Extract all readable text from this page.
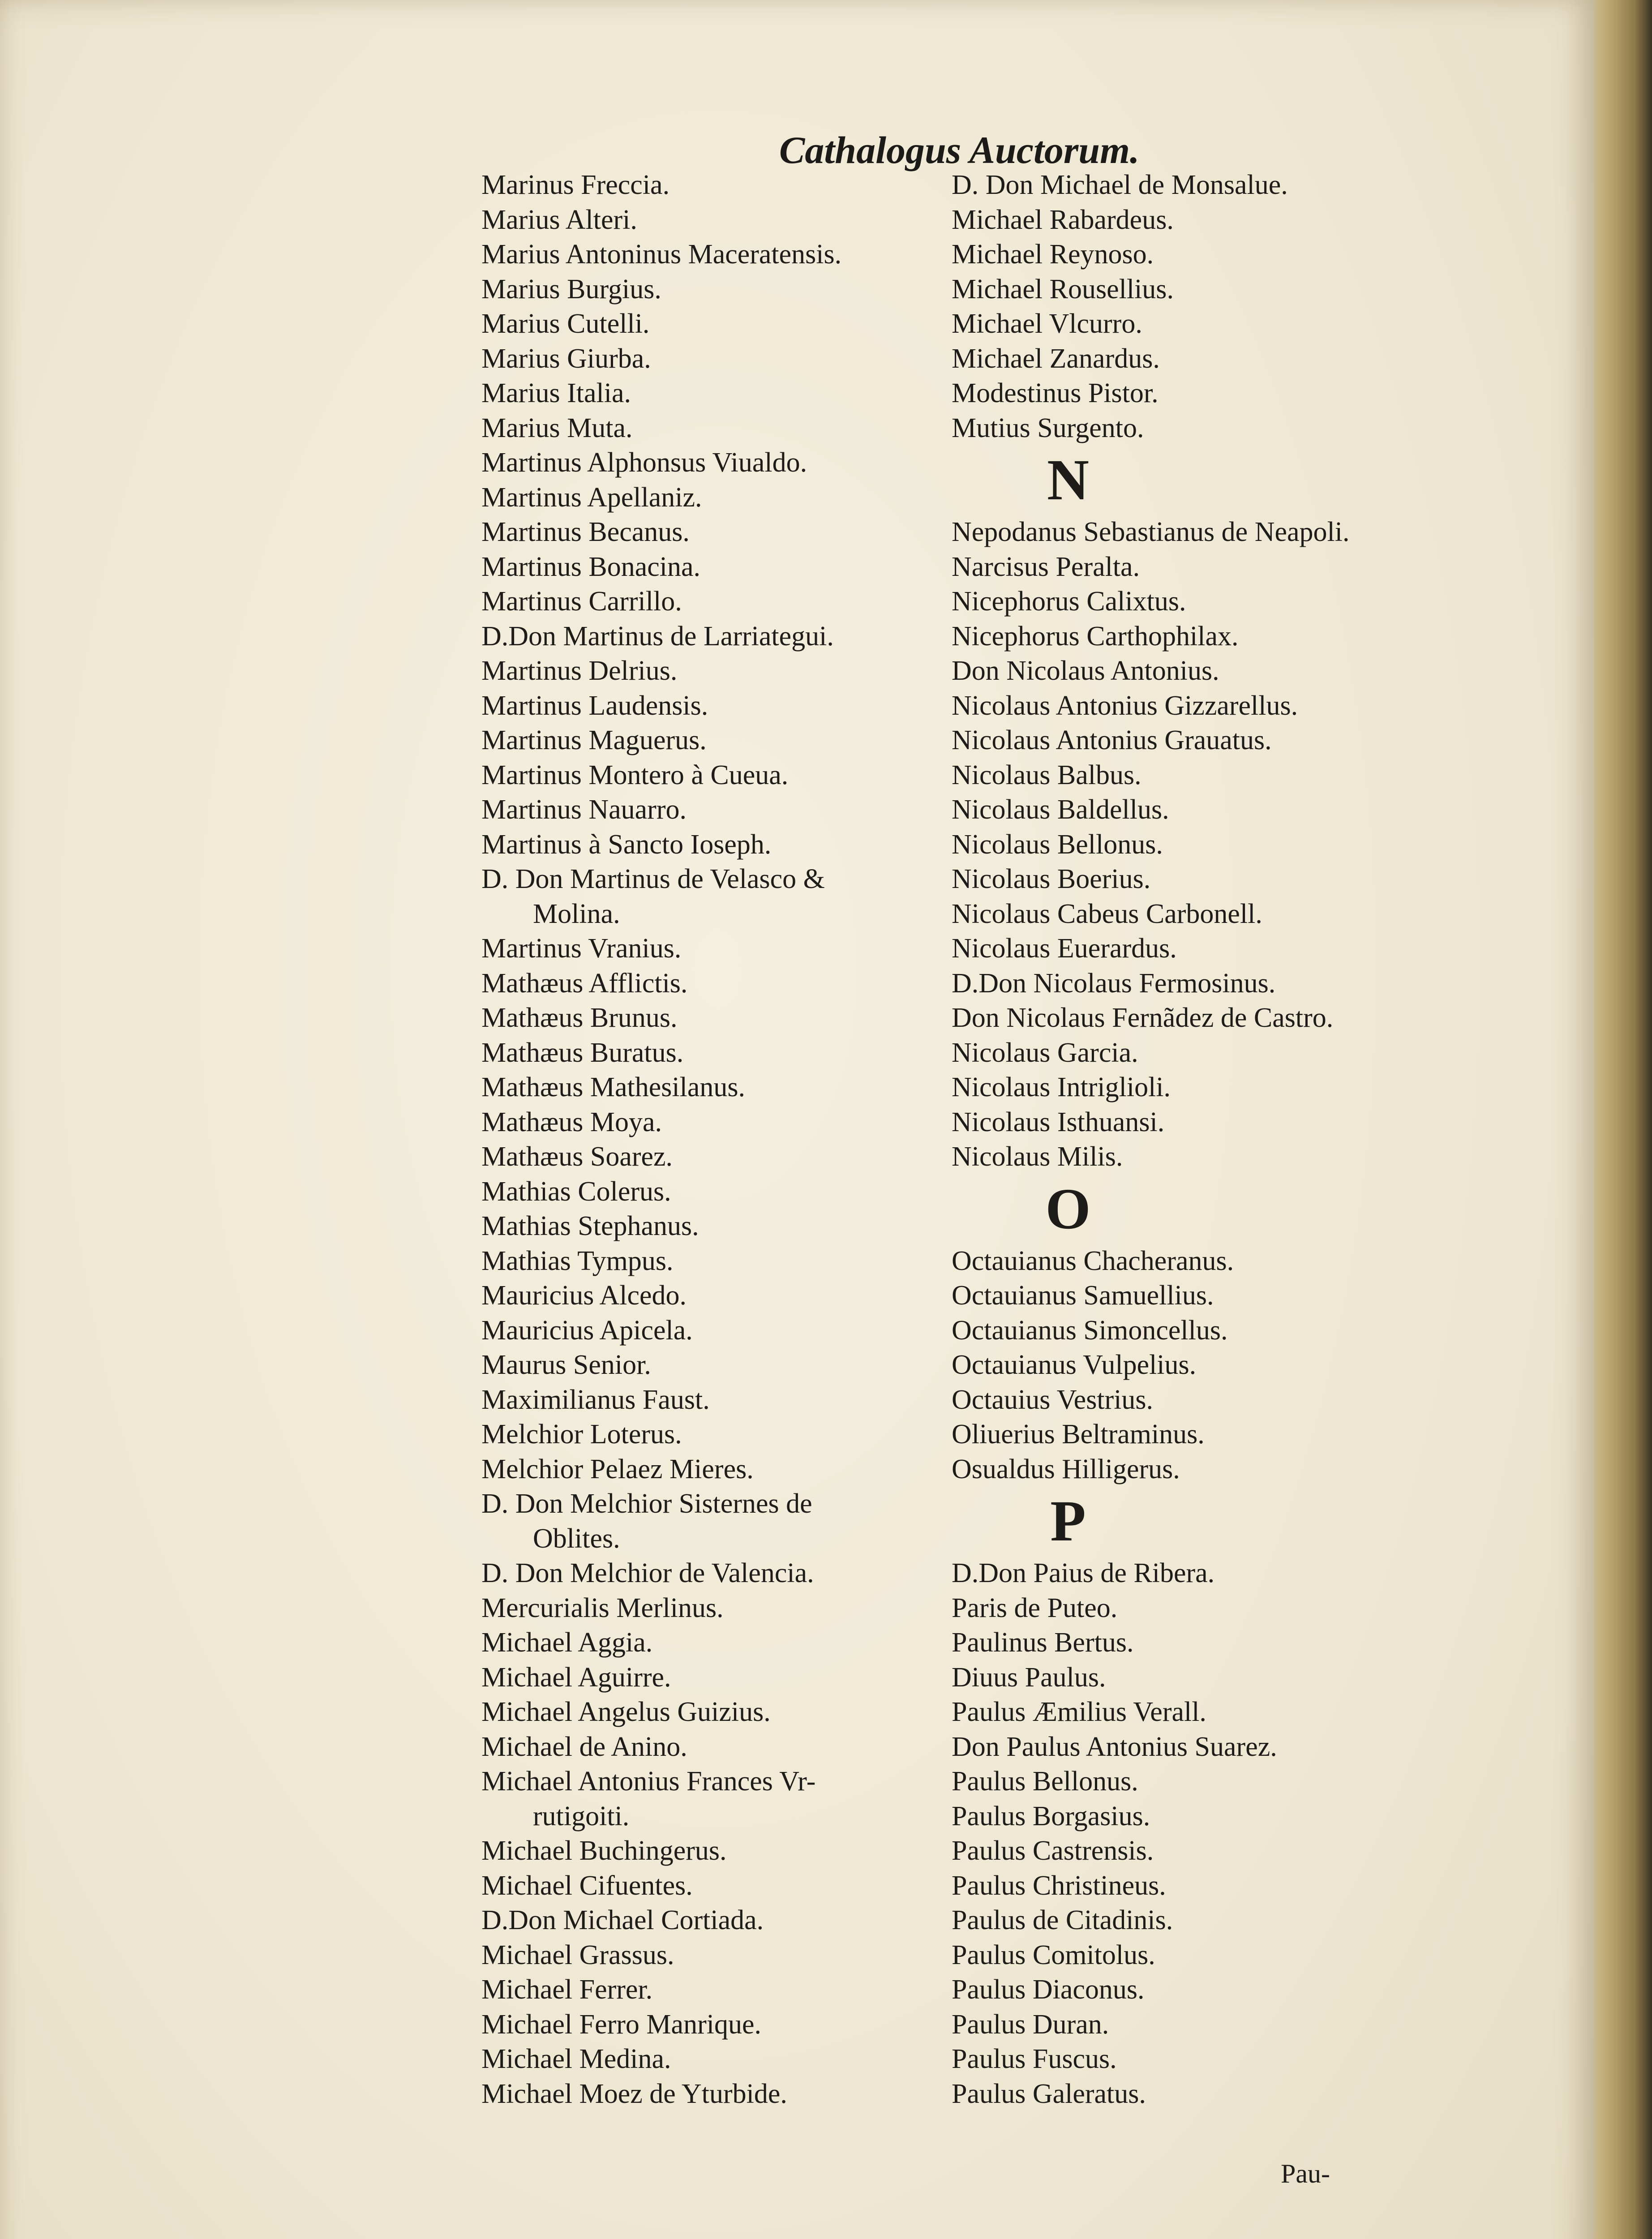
Cathalogus Auctorum.
Marinus Freccia.
Marius Alteri.
Marius Antoninus Maceratensis.
Marius Burgius.
Marius Cutelli.
Marius Giurba.
Marius Italia.
Marius Muta.
Martinus Alphonsus Viualdo.
Martinus Apellaniz.
Martinus Becanus.
Martinus Bonacina.
Martinus Carrillo.
D.Don Martinus de Larriategui.
Martinus Delrius.
Martinus Laudensis.
Martinus Maguerus.
Martinus Montero à Cueua.
Martinus Nauarro.
Martinus à Sancto Ioseph.
D. Don Martinus de Velasco &
Molina.
Martinus Vranius.
Mathæus Afflictis.
Mathæus Brunus.
Mathæus Buratus.
Mathæus Mathesilanus.
Mathæus Moya.
Mathæus Soarez.
Mathias Colerus.
Mathias Stephanus.
Mathias Tympus.
Mauricius Alcedo.
Mauricius Apicela.
Maurus Senior.
Maximilianus Faust.
Melchior Loterus.
Melchior Pelaez Mieres.
D. Don Melchior Sisternes de
Oblites.
D. Don Melchior de Valencia.
Mercurialis Merlinus.
Michael Aggia.
Michael Aguirre.
Michael Angelus Guizius.
Michael de Anino.
Michael Antonius Frances Vr-
rutigoiti.
Michael Buchingerus.
Michael Cifuentes.
D.Don Michael Cortiada.
Michael Grassus.
Michael Ferrer.
Michael Ferro Manrique.
Michael Medina.
Michael Moez de Yturbide.
D. Don Michael de Monsalue.
Michael Rabardeus.
Michael Reynoso.
Michael Rousellius.
Michael Vlcurro.
Michael Zanardus.
Modestinus Pistor.
Mutius Surgento.
N
Nepodanus Sebastianus de Neapoli.
Narcisus Peralta.
Nicephorus Calixtus.
Nicephorus Carthophilax.
Don Nicolaus Antonius.
Nicolaus Antonius Gizzarellus.
Nicolaus Antonius Grauatus.
Nicolaus Balbus.
Nicolaus Baldellus.
Nicolaus Bellonus.
Nicolaus Boerius.
Nicolaus Cabeus Carbonell.
Nicolaus Euerardus.
D.Don Nicolaus Fermosinus.
Don Nicolaus Fernãdez de Castro.
Nicolaus Garcia.
Nicolaus Intriglioli.
Nicolaus Isthuansi.
Nicolaus Milis.
O
Octauianus Chacheranus.
Octauianus Samuellius.
Octauianus Simoncellus.
Octauianus Vulpelius.
Octauius Vestrius.
Oliuerius Beltraminus.
Osualdus Hilligerus.
P
D.Don Paius de Ribera.
Paris de Puteo.
Paulinus Bertus.
Diuus Paulus.
Paulus Æmilius Verall.
Don Paulus Antonius Suarez.
Paulus Bellonus.
Paulus Borgasius.
Paulus Castrensis.
Paulus Christineus.
Paulus de Citadinis.
Paulus Comitolus.
Paulus Diaconus.
Paulus Duran.
Paulus Fuscus.
Paulus Galeratus.
Pau-
